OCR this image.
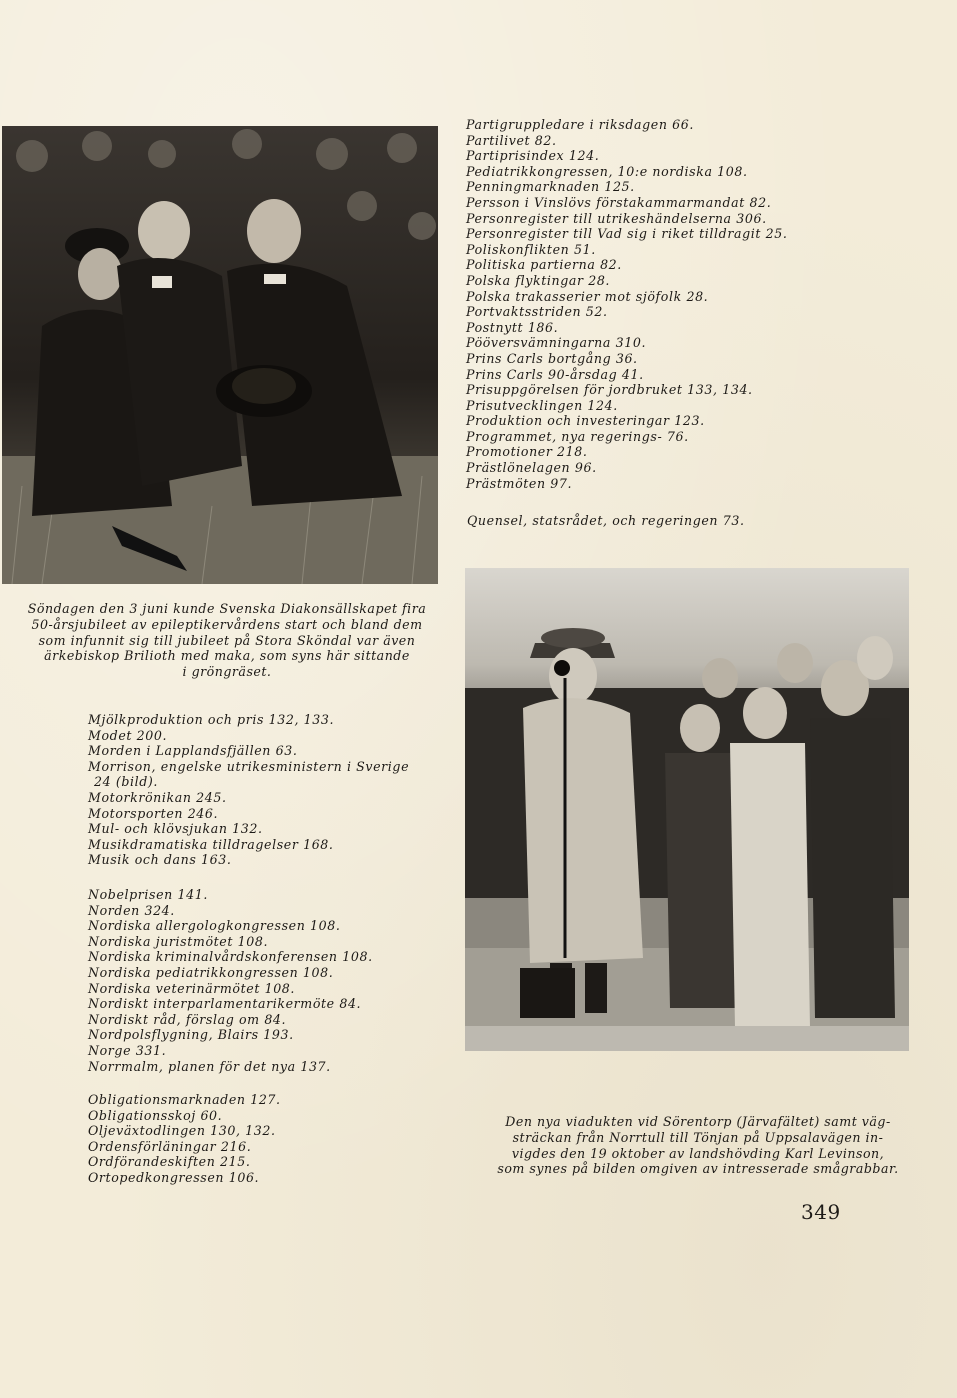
Partigruppledare i riksdagen 66.
Partilivet 82.
Partiprisindex 124.
Pediatrikkongressen, 10:e nordiska 108.
Penningmarknaden 125.
Persson i Vinslövs förstakammarmandat 82.
Personregister till utrikeshändelserna 306.
Personregister till Vad sig i riket tilldragit 25.
Poliskonflikten 51.
Politiska partierna 82.
Polska flyktingar 28.
Polska trakasserier mot sjöfolk 28.
Portvaktsstriden 52.
Postnytt 186.
Pööversvämningarna 310.
Prins Carls bortgång 36.
Prins Carls 90-årsdag 41.
Prisuppgörelsen för jordbruket 133, 134.
Prisutvecklingen 124.
Produktion och investeringar 123.
Programmet, nya regerings- 76.
Promotioner 218.
Prästlönelagen 96.
Prästmöten 97.
Quensel, statsrådet, och regeringen 73.
Söndagen den 3 juni kunde Svenska Diakonsällskapet fira
50-årsjubileet av epileptikervårdens start och bland dem
som infunnit sig till jubileet på Stora Sköndal var även
ärkebiskop Brilioth med maka, som syns här sittande
i gröngräset.
Mjölkproduktion och pris 132, 133.
Modet 200.
Morden i Lapplandsfjällen 63.
Morrison, engelske utrikesministern i Sverige
24 (bild).
Motorkrönikan 245.
Motorsporten 246.
Mul- och klövsjukan 132.
Musikdramatiska tilldragelser 168.
Musik och dans 163.
Nobelprisen 141.
Norden 324.
Nordiska allergologkongressen 108.
Nordiska juristmötet 108.
Nordiska kriminalvårdskonferensen 108.
Nordiska pediatrikkongressen 108.
Nordiska veterinärmötet 108.
Nordiskt interparlamentarikermöte 84.
Nordiskt råd, förslag om 84.
Nordpolsflygning, Blairs 193.
Norge 331.
Norrmalm, planen för det nya 137.
Obligationsmarknaden 127.
Obligationsskoj 60.
Oljeväxtodlingen 130, 132.
Ordensförläningar 216.
Ordförandeskiften 215.
Ortopedkongressen 106.
Den nya viadukten vid Sörentorp (Järvafältet) samt väg-
sträckan från Norrtull till Tönjan på Uppsalavägen in-
vigdes den 19 oktober av landshövding Karl Levinson,
som synes på bilden omgiven av intresserade smågrabbar.
349
